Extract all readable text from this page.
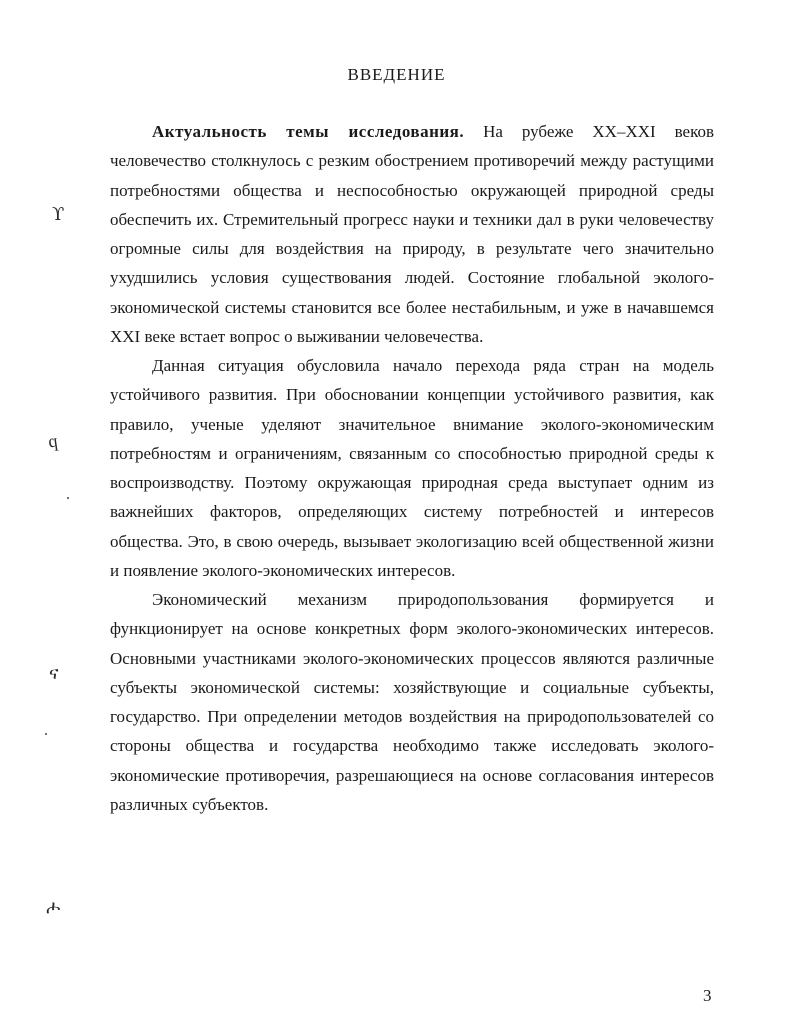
ВВЕДЕНИЕ

Актуальность темы исследования. На рубеже XX–XXI веков человечество столкнулось с резким обострением противоречий между растущими потребностями общества и неспособностью окружающей природной среды обеспечить их. Стремительный прогресс науки и техники дал в руки человечеству огромные силы для воздействия на природу, в результате чего значительно ухудшились условия существования людей. Состояние глобальной эколого-экономической системы становится все более нестабильным, и уже в начавшемся XXI веке встает вопрос о выживании человечества.

Данная ситуация обусловила начало перехода ряда стран на модель устойчивого развития. При обосновании концепции устойчивого развития, как правило, ученые уделяют значительное внимание эколого-экономическим потребностям и ограничениям, связанным со способностью природной среды к воспроизводству. Поэтому окружающая природная среда выступает одним из важнейших факторов, определяющих систему потребностей и интересов общества. Это, в свою очередь, вызывает экологизацию всей общественной жизни и появление эколого-экономических интересов.

Экономический механизм природопользования формируется и функционирует на основе конкретных форм эколого-экономических интересов. Основными участниками эколого-экономических процессов являются различные субъекты экономической системы: хозяйствующие и социальные субъекты, государство. При определении методов воздействия на природопользователей со стороны общества и государства необходимо также исследовать эколого-экономические противоречия, разрешающиеся на основе согласования интересов различных субъектов.

ϒ
ϥ
ና
ሖ
3
